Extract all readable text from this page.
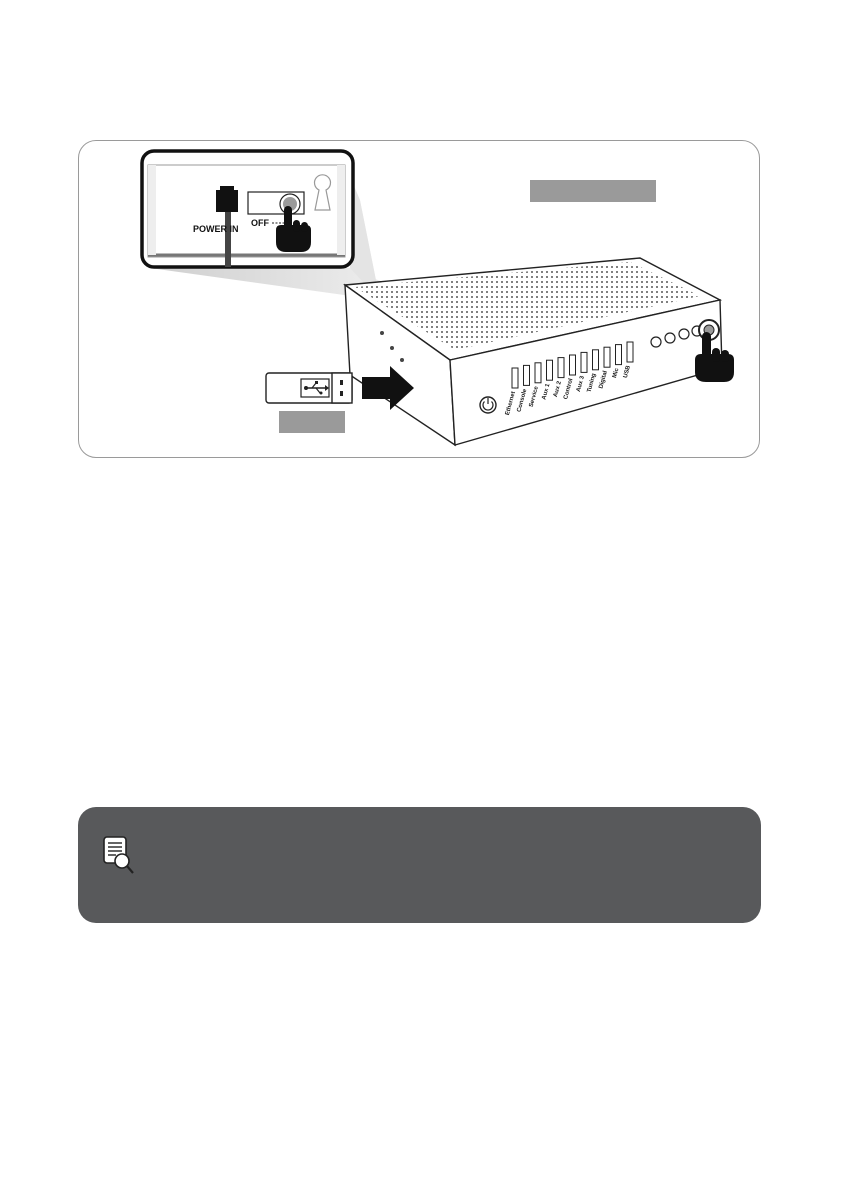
Ethernet Console Service Aux 1 Aux 2 Control Aux 3 Tuning Digital Mic USB
POWER IN
OFF
